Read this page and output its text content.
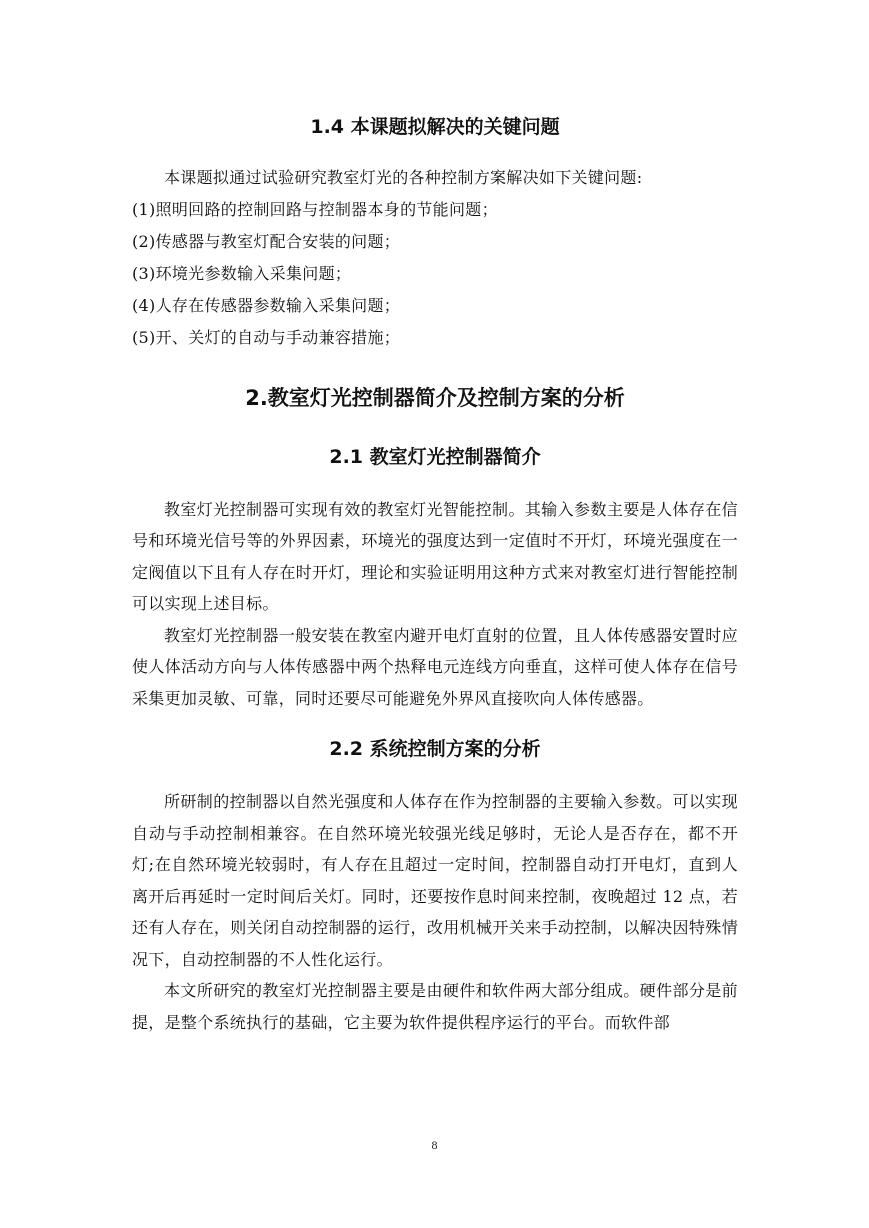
1.4 本课题拟解决的关键问题

本课题拟通过试验研究教室灯光的各种控制方案解决如下关键问题:

(1)照明回路的控制回路与控制器本身的节能问题；
(2)传感器与教室灯配合安装的问题；
(3)环境光参数输入采集问题；
(4)人存在传感器参数输入采集问题；
(5)开、关灯的自动与手动兼容措施；
2.教室灯光控制器简介及控制方案的分析
2.1 教室灯光控制器简介

教室灯光控制器可实现有效的教室灯光智能控制。其输入参数主要是人体存在信号和环境光信号等的外界因素，环境光的强度达到一定值时不开灯，环境光强度在一定阀值以下且有人存在时开灯，理论和实验证明用这种方式来对教室灯进行智能控制可以实现上述目标。

教室灯光控制器一般安装在教室内避开电灯直射的位置，且人体传感器安置时应使人体活动方向与人体传感器中两个热释电元连线方向垂直，这样可使人体存在信号采集更加灵敏、可靠，同时还要尽可能避免外界风直接吹向人体传感器。

2.2 系统控制方案的分析

所研制的控制器以自然光强度和人体存在作为控制器的主要输入参数。可以实现自动与手动控制相兼容。在自然环境光较强光线足够时，无论人是否存在，都不开灯;在自然环境光较弱时，有人存在且超过一定时间，控制器自动打开电灯，直到人离开后再延时一定时间后关灯。同时，还要按作息时间来控制，夜晚超过 12 点，若还有人存在，则关闭自动控制器的运行，改用机械开关来手动控制，以解决因特殊情况下，自动控制器的不人性化运行。

本文所研究的教室灯光控制器主要是由硬件和软件两大部分组成。硬件部分是前提，是整个系统执行的基础，它主要为软件提供程序运行的平台。而软件部

8
